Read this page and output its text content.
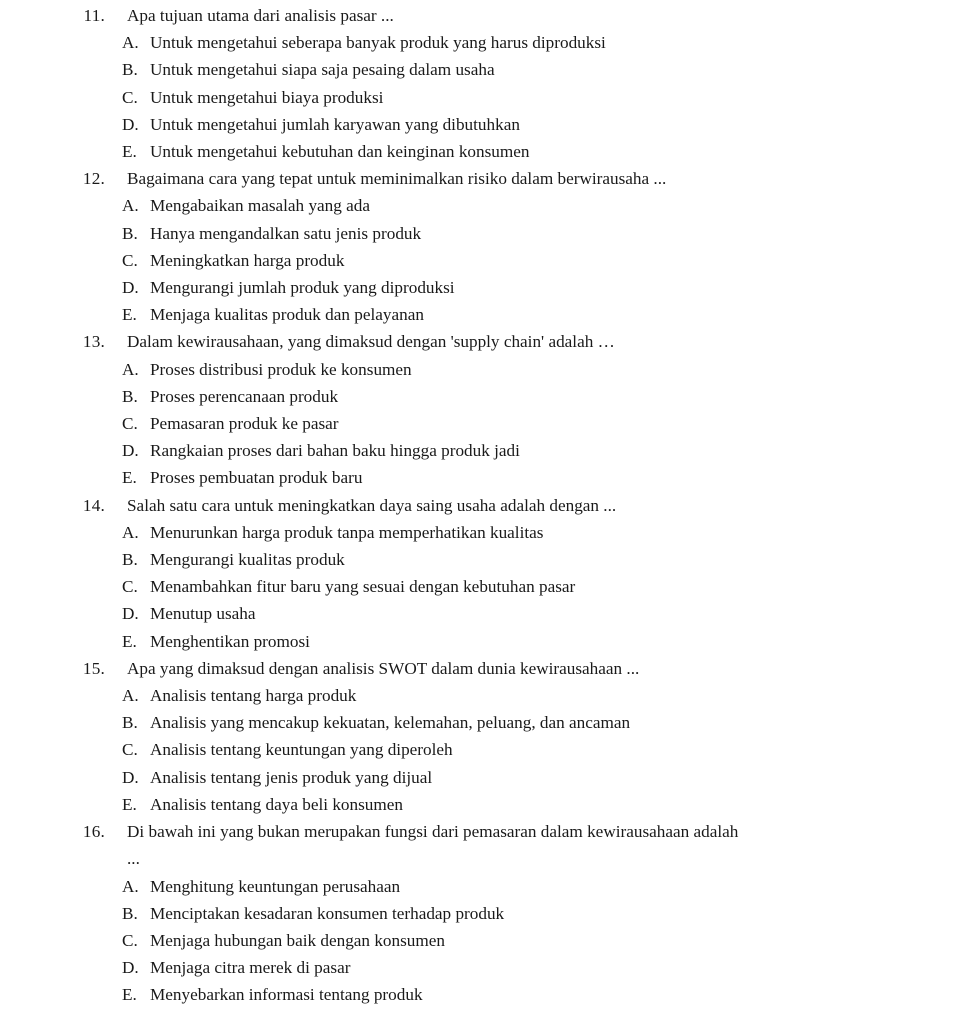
11. Apa tujuan utama dari analisis pasar ...
A. Untuk mengetahui seberapa banyak produk yang harus diproduksi
B. Untuk mengetahui siapa saja pesaing dalam usaha
C. Untuk mengetahui biaya produksi
D. Untuk mengetahui jumlah karyawan yang dibutuhkan
E. Untuk mengetahui kebutuhan dan keinginan konsumen
12. Bagaimana cara yang tepat untuk meminimalkan risiko dalam berwirausaha ...
A. Mengabaikan masalah yang ada
B. Hanya mengandalkan satu jenis produk
C. Meningkatkan harga produk
D. Mengurangi jumlah produk yang diproduksi
E. Menjaga kualitas produk dan pelayanan
13. Dalam kewirausahaan, yang dimaksud dengan 'supply chain' adalah …
A. Proses distribusi produk ke konsumen
B. Proses perencanaan produk
C. Pemasaran produk ke pasar
D. Rangkaian proses dari bahan baku hingga produk jadi
E. Proses pembuatan produk baru
14. Salah satu cara untuk meningkatkan daya saing usaha adalah dengan ...
A. Menurunkan harga produk tanpa memperhatikan kualitas
B. Mengurangi kualitas produk
C. Menambahkan fitur baru yang sesuai dengan kebutuhan pasar
D. Menutup usaha
E. Menghentikan promosi
15. Apa yang dimaksud dengan analisis SWOT dalam dunia kewirausahaan ...
A. Analisis tentang harga produk
B. Analisis yang mencakup kekuatan, kelemahan, peluang, dan ancaman
C. Analisis tentang keuntungan yang diperoleh
D. Analisis tentang jenis produk yang dijual
E. Analisis tentang daya beli konsumen
16. Di bawah ini yang bukan merupakan fungsi dari pemasaran dalam kewirausahaan adalah
...
A. Menghitung keuntungan perusahaan
B. Menciptakan kesadaran konsumen terhadap produk
C. Menjaga hubungan baik dengan konsumen
D. Menjaga citra merek di pasar
E. Menyebarkan informasi tentang produk
